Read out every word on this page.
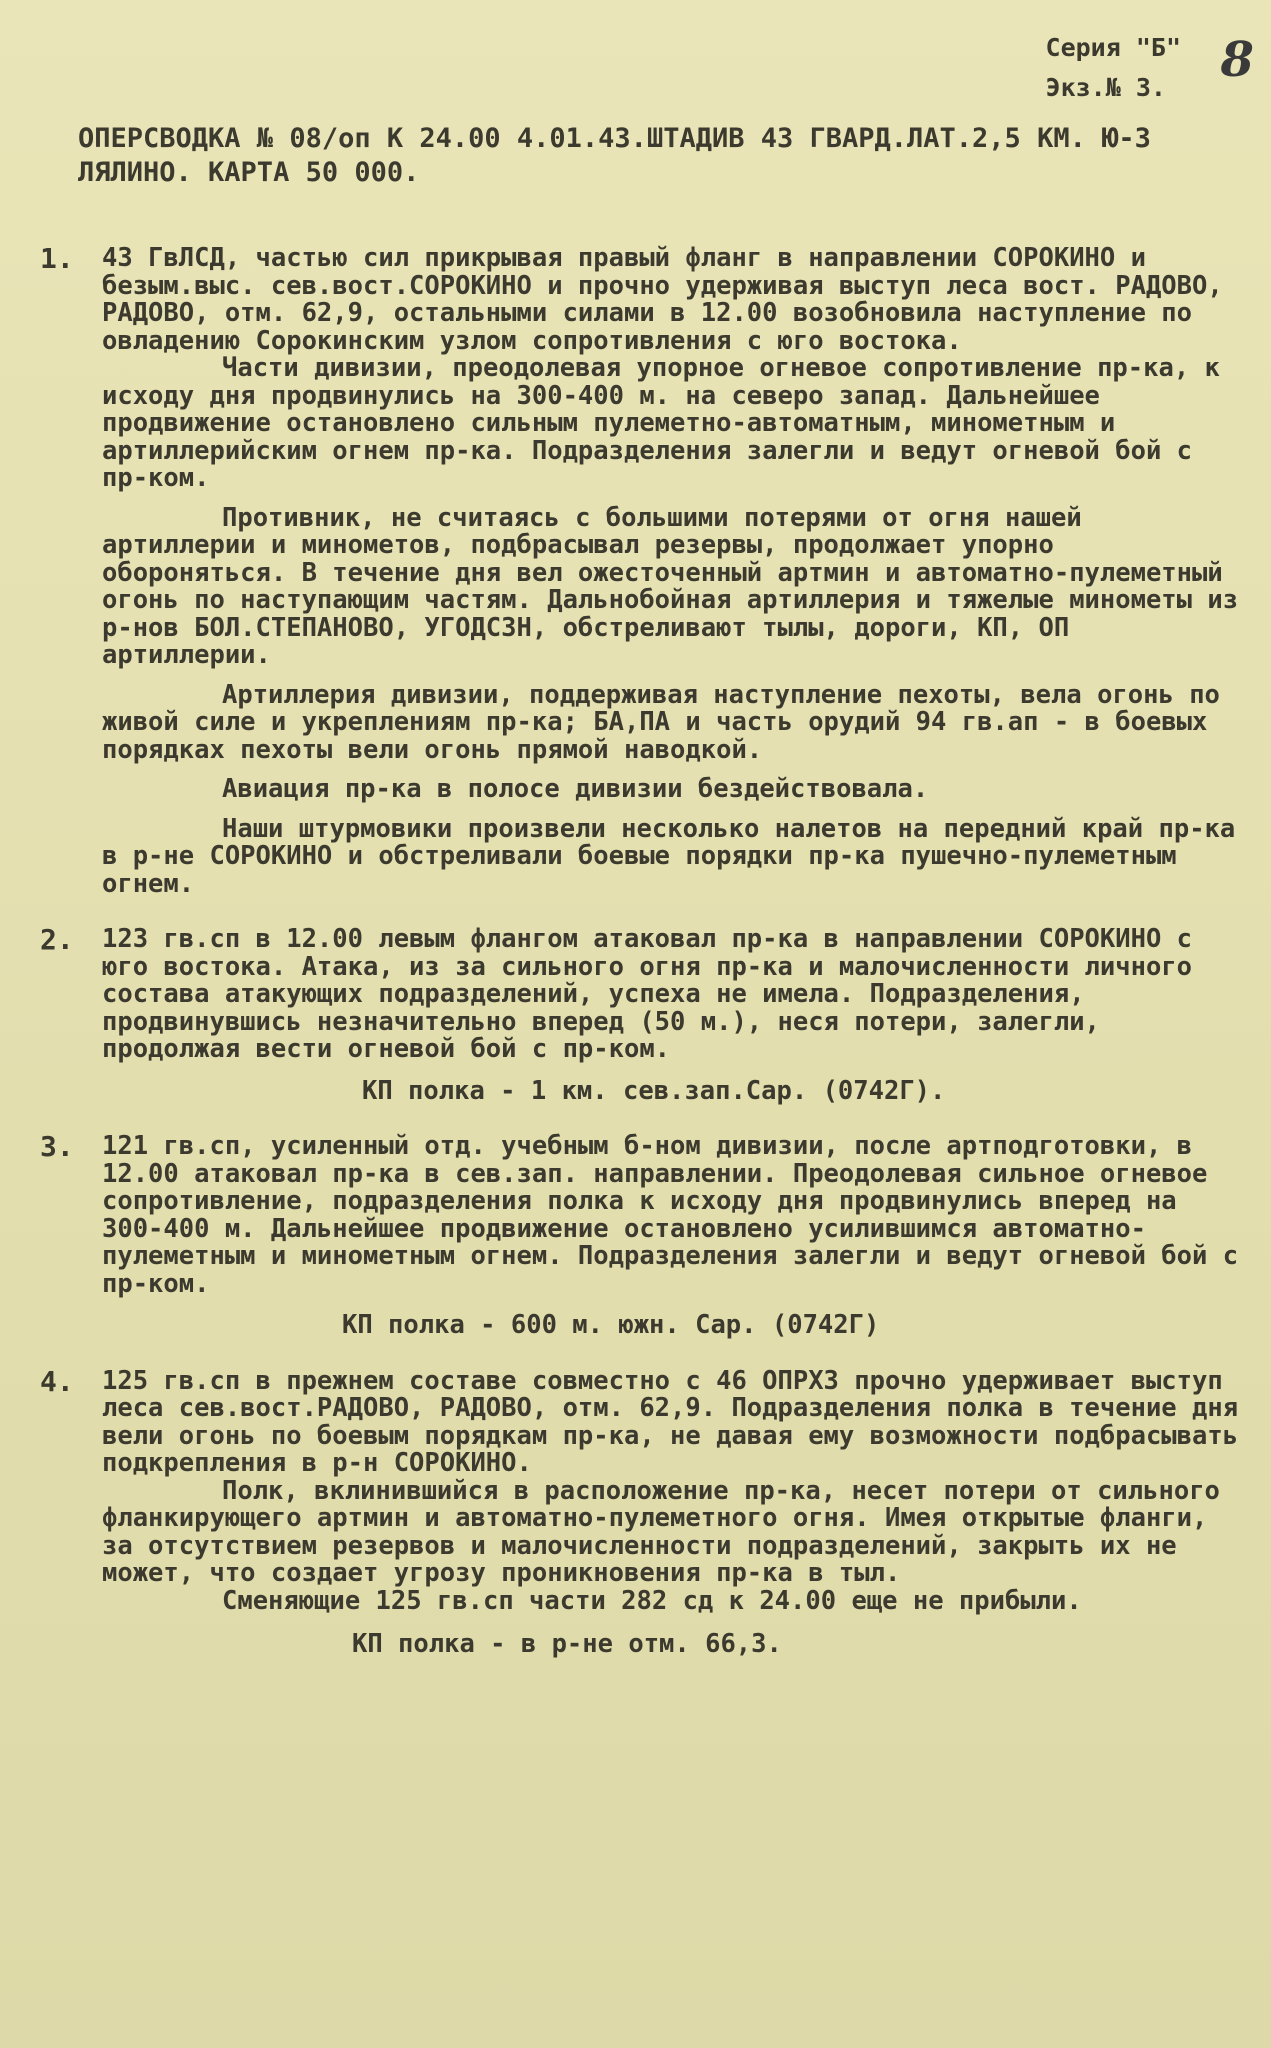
Серия "Б"
Экз.№ 3.	8
ОПЕРСВОДКА № 08/оп К 24.00 4.01.43.ШТАДИВ 43 ГВАРД.ЛАТ.2,5 КМ. Ю-З ЛЯЛИНО. КАРТА 50 000.
1. 43 ГвЛСД, частью сил прикрывая правый фланг в направлении СОРОКИНО и безым.выс. сев.вост.СОРОКИНО и прочно удерживая выступ леса вост. РАДОВО, РАДОВО, отм. 62,9, остальными силами в 12.00 возобновила наступление по овладению Сорокинским узлом сопротивления с юго востока.

Части дивизии, преодолевая упорное огневое сопротивление пр-ка, к исходу дня продвинулись на 300-400 м. на северо запад. Дальнейшее продвижение остановлено сильным пулеметно-автоматным, минометным и артиллерийским огнем пр-ка. Подразделения залегли и ведут огневой бой с пр-ком.

Противник, не считаясь с большими потерями от огня нашей артиллерии и минометов, подбрасывал резервы, продолжает упорно обороняться. В течение дня вел ожесточенный артмин и автоматно-пулеметный огонь по наступающим частям. Дальнобойная артиллерия и тяжелые минометы из р-нов БОЛ.СТЕПАНОВО, УГОДСЗН, обстреливают тылы, дороги, КП, ОП артиллерии.

Артиллерия дивизии, поддерживая наступление пехоты, вела огонь по живой силе и укреплениям пр-ка; БА,ПА и часть орудий 94 гв.ап - в боевых порядках пехоты вели огонь прямой наводкой.

Авиация пр-ка в полосе дивизии бездействовала.

Наши штурмовики произвели несколько налетов на передний край пр-ка в р-не СОРОКИНО и обстреливали боевые порядки пр-ка пушечно-пулеметным огнем.

2. 123 гв.сп в 12.00 левым флангом атаковал пр-ка в направлении СОРОКИНО с юго востока. Атака, из за сильного огня пр-ка и малочисленности личного состава атакующих подразделений, успеха не имела. Подразделения, продвинувшись незначительно вперед (50 м.), неся потери, залегли, продолжая вести огневой бой с пр-ком.

КП полка - 1 км. сев.зап.Сар. (0742Г).

3. 121 гв.сп, усиленный отд. учебным б-ном дивизии, после артподготовки, в 12.00 атаковал пр-ка в сев.зап. направлении. Преодолевая сильное огневое сопротивление, подразделения полка к исходу дня продвинулись вперед на 300-400 м. Дальнейшее продвижение остановлено усилившимся автоматно-пулеметным и минометным огнем. Подразделения залегли и ведут огневой бой с пр-ком.

КП полка - 600 м. южн. Сар. (0742Г)

4. 125 гв.сп в прежнем составе совместно с 46 ОПРХЗ прочно удерживает выступ леса сев.вост.РАДОВО, РАДОВО, отм. 62,9. Подразделения полка в течение дня вели огонь по боевым порядкам пр-ка, не давая ему возможности подбрасывать подкрепления в р-н СОРОКИНО.

Полк, вклинившийся в расположение пр-ка, несет потери от сильного фланкирующего артмин и автоматно-пулеметного огня. Имея открытые фланги, за отсутствием резервов и малочисленности подразделений, закрыть их не может, что создает угрозу проникновения пр-ка в тыл.

Сменяющие 125 гв.сп части 282 сд к 24.00 еще не прибыли.

КП полка - в р-не отм. 66,3.
